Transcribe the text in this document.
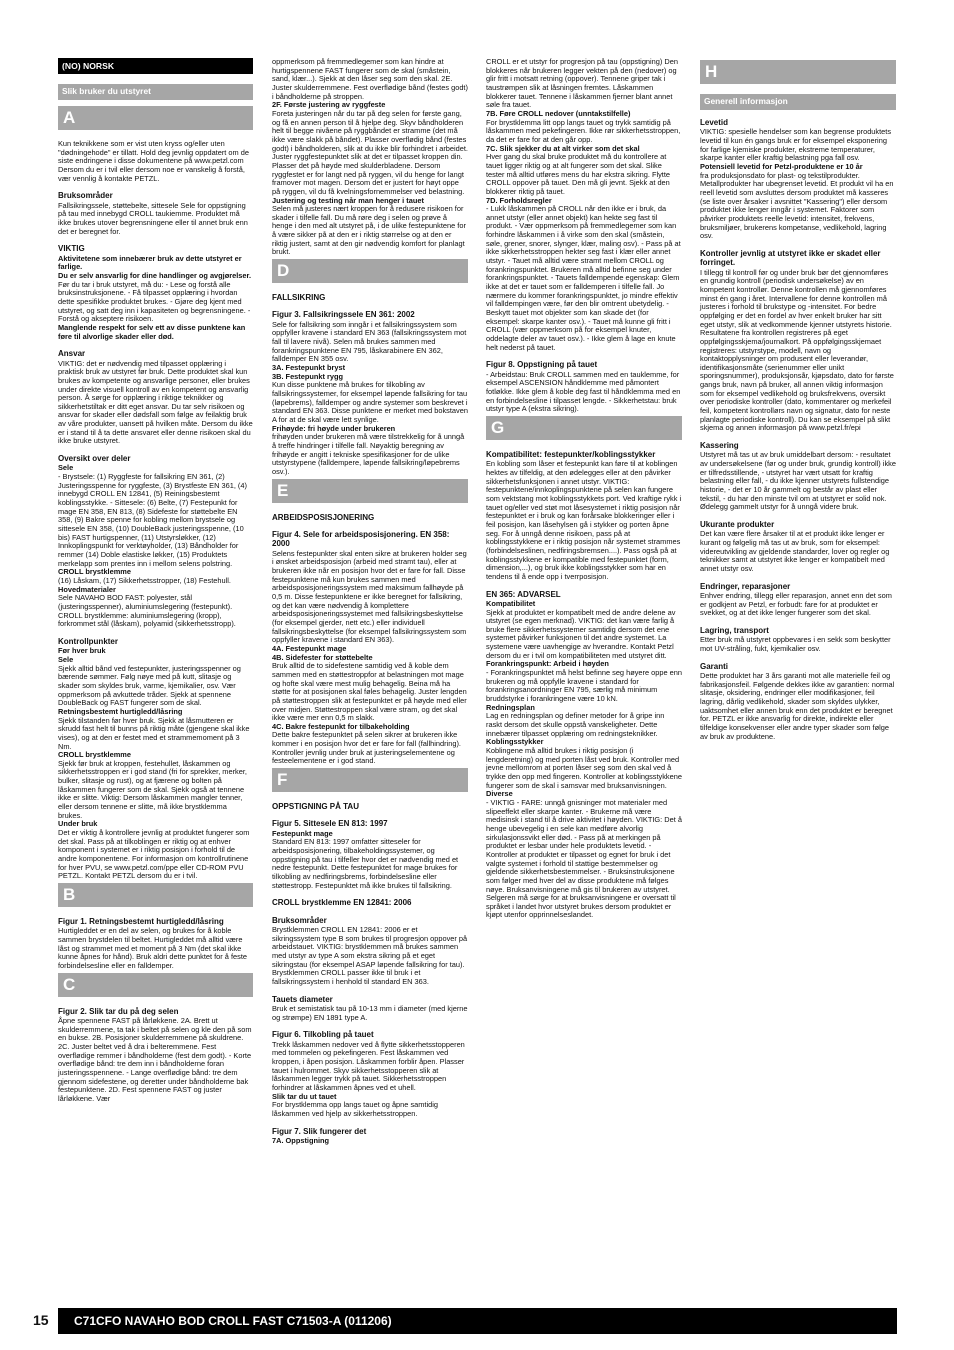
15
(NO) NORSK
Slik bruker du utstyret
A

Kun teknikkene som er vist uten kryss og/eller uten "dødningehode" er tillatt. Hold deg jevnlig oppdatert om de siste endringene i disse dokumentene på www.petzl.com Dersom du er i tvil eller dersom noe er vanskelig å forstå, vær vennlig å kontakte PETZL.

Bruksområder

Fallsikringssele, støttebelte, sittesele Sele for oppstigning på tau med innebygd CROLL taukiemme. Produktet må ikke brukes utover begrensningene eller til annet bruk enn det er beregnet for.

VIKTIG

Aktivitetene som innebærer bruk av dette utstyret er farlige.

Du er selv ansvarlig for dine handlinger og avgjørelser.

Før du tar i bruk utstyret, må du: - Lese og forstå alle bruksinstruksjonene. - Få tilpasset opplæring i hvordan dette spesifikke produktet brukes. - Gjøre deg kjent med utstyret, og satt deg inn i kapasiteten og begrensningene. - Forstå og akseptere risikoen.

Manglende respekt for selv ett av disse punktene kan føre til alvorlige skader eller død.

Ansvar

VIKTIG: det er nødvendig med tilpasset opplæring i praktisk bruk av utstyret før bruk. Dette produktet skal kun brukes av kompetente og ansvarlige personer, eller brukes under direkte visuell kontroll av en kompetent og ansvarlig person. Å sørge for opplæring i riktige teknikker og sikkerhetstiltak er ditt eget ansvar. Du tar selv risikoen og ansvar for skader eller dødsfall som følge av feilaktig bruk av våre produkter, uansett på hvilken måte. Dersom du ikke er i stand til å ta dette ansvaret eller denne risikoen skal du ikke bruke utstyret.

Oversikt over deler

Sele

- Brystsele: (1) Ryggfeste for fallsikring EN 361, (2) Justeringsspenne for ryggfeste, (3) Brystfeste EN 361, (4) innebygd CROLL EN 12841, (5) Reiningsbestemt koblingsstykke. - Sittesele: (6) Belte, (7) Festepunkt for mage EN 358, EN 813, (8) Sidefeste for støttebelte EN 358, (9) Bakre spenne for kobling mellom brystsele og sittesele EN 358, (10) DoubleBack justeringsspenne, (10 bis) FAST hurtigspenner, (11) Utstyrsløkker, (12) Innkoplingspunkt for verktøyholder, (13) Båndholder for remmer (14) Doble elastiske løkker, (15) Produktets merkelapp som prentes inn i mellom selens polstring.

CROLL brystklemme

(16) Låskam, (17) Sikkerhetsstropper, (18) Festehull.

Hovedmaterialer

Sele NAVAHO BOD FAST: polyester, stål (justeringsspenner), aluminiumslegering (festepunkt). CROLL brystklemme: aluminiumslegering (kropp), forkrommet stål (låskam), polyamid (sikkerhetsstropp).

Kontrollpunkter

Før hver bruk

Sele

Sjekk alltid bånd ved festepunkter, justeringsspenner og bærende sømmer. Følg nøye med på kutt, slitasje og skader som skyldes bruk, varme, kjemikalier, osv. Vær oppmerksom på avkuttede tråder. Sjekk at spennene DoubleBack og FAST fungerer som de skal.

Retningsbestemt hurtigledd/låsring

Sjekk tilstanden før hver bruk. Sjekk at låsmutteren er skrudd fast helt til bunns på riktig måte (gjengene skal ikke vises), og at den er festet med et strammemoment på 3 Nm.

CROLL brystklemme

Sjekk før bruk at kroppen, festehullet, låskammen og sikkerhetsstroppen er i god stand (fri for sprekker, merker, bulker, slitasje og rust), og at fjærene og bolten på låskammen fungerer som de skal. Sjekk også at tennene ikke er slitte. Viktig: Dersom låskammen mangler tenner, eller dersom tennene er slitte, må ikke brystklemma brukes.

Under bruk

Det er viktig å kontrollere jevnlig at produktet fungerer som det skal. Pass på at tilkoblingen er riktig og at enhver komponent i systemet er i riktig posisjon i forhold til de andre komponentene. For informasjon om kontrollrutinene for hver PVU, se www.petzl.com/ppe eller CD-ROM PVU PETZL. Kontakt PETZL dersom du er i tvil.

B
Figur 1. Retningsbestemt hurtigledd/låsring

Hurtigleddet er en del av selen, og brukes for å koble sammen brystdelen til beltet. Hurtigleddet må alltid være låst og strammet med et moment på 3 Nm (det skal ikke kunne åpnes for hånd). Bruk aldri dette punktet for å feste forbindelsesline eller en falldemper.

C
Figur 2. Slik tar du på deg selen

Åpne spennene FAST på lårløkkene. 2A. Brett ut skulderremmene, ta tak i beltet på selen og kle den på som en bukse. 2B. Posisjoner skulderremmene på skuldrene. 2C. Juster beltet ved å dra i belteremmene. Fest overflødige remmer i båndholderne (fest dem godt). - Korte overflødige bånd: tre dem inn i båndholderne foran justeringsspennene. - Lange overflødige bånd: tre dem gjennom sidefestene, og deretter under båndholderne bak festepunktene. 2D. Fest spennene FAST og juster lårløkkene. Vær

oppmerksom på fremmedlegemer som kan hindre at hurtigspennene FAST fungerer som de skal (småstein, sand, klær...). Sjekk at den låser seg som den skal. 2E. Juster skulderremmene. Fest overflødige bånd (festes godt) i båndholderne på stroppen.

2F. Første justering av ryggfeste

Foreta justeringen når du tar på deg selen for første gang, og få en annen person til å hjelpe deg. Skyv båndholderen helt til begge nivåene på ryggbåndet er stramme (det må ikke være slakk på båndet). Plasser overflødig bånd (festes godt) i båndholderen, slik at du ikke blir forhindret i arbeidet. Juster ryggfestepunktet slik at det er tilpasset kroppen din. Plasser det på høyde med skulderbladene. Dersom ryggfestet er for langt ned på ryggen, vil du henge for langt framover mot magen. Dersom det er justert for høyt oppe på ryggen, vil du få kvelningsfornemmelser ved belastning.

Justering og testing når man henger i tauet

Selen må justeres nært kroppen for å redusere risikoen for skader i tilfelle fall. Du må røre deg i selen og prøve å henge i den med alt utstyret på, i de ulike festepunktene for å være sikker på at den er i riktig størrelse og at den er riktig justert, samt at den gir nødvendig komfort for planlagt brukt.

D
FALLSIKRING
Figur 3. Fallsikringssele EN 361: 2002

Sele for fallsikring som inngår i et fallsikringssystem som oppfyller kravene i standard EN 363 (fallsikringssystem mot fall til lavere nivå). Selen må brukes sammen med forankringspunktene EN 795, låskarabinere EN 362, falldemper EN 355 osv.

3A. Festepunkt bryst

3B. Festepunkt rygg

Kun disse punktene må brukes for tilkobling av fallsikringssystemer, for eksempel løpende fallsikring for tau (løpebrems), falldemper og andre systemer som beskrevet i standard EN 363. Disse punktene er merket med bokstaven A for at de skal være lett synlige.

Frihøyde: fri høyde under brukeren

frihøyden under brukeren må være tilstrekkelig for å unngå å treffe hindringer i tilfelle fall. Nøyaktig beregning av frihøyde er angitt i tekniske spesifikasjoner for de ulike utstyrstypene (falldempere, løpende fallsikring/løpebrems osv.).

E
ARBEIDSPOSISJONERING
Figur 4. Sele for arbeidsposisjonering. EN 358: 2000

Selens festepunkter skal enten sikre at brukeren holder seg i ønsket arbeidsposisjon (arbeid med stramt tau), eller at brukeren ikke når en posisjon hvor det er fare for fall. Disse festepunktene må kun brukes sammen med arbeidsposisjoneringssystem med maksimum fallhøyde på 0,5 m. Disse festepunktene er ikke beregnet for fallsikring, og det kan være nødvendig å komplettere arbeidsposisjoneringssystemet med fallsikringsbeskyttelse (for eksempel gjerder, nett etc.) eller individuell fallsikringsbeskyttelse (for eksempel fallsikringssystem som oppfyller kravene i standard EN 363).

4A. Festepunkt mage

4B. Sidefester for støttebelte

Bruk alltid de to sidefestene samtidig ved å koble dem sammen med en støttestroppfor at belastningen mot mage og hofte skal være mest mulig behagelig. Beina må ha støtte for at posisjonen skal føles behagelig. Juster lengden på støttestroppen slik at festepunktet er på høyde med eller over midjen. Støttestroppen skal være stram, og det skal ikke være mer enn 0,5 m slakk.

4C. Bakre festepunkt for tilbakeholding

Dette bakre festepunktet på selen sikrer at brukeren ikke kommer i en posisjon hvor det er fare for fall (fallhindring). Kontroller jevnlig under bruk at justeringselementene og festeelementene er i god stand.

F
OPPSTIGNING PÅ TAU
Figur 5. Sittesele EN 813: 1997

Festepunkt mage

Standard EN 813: 1997 omfatter sitteseler for arbeidsposisjonering, tilbakeholdingssystemer, og oppstigning på tau i tilfeller hvor det er nødvendig med et nedre festepunkt. Dette festepunktet for mage brukes for tilkobling av nedfiringsbrems, forbindelsesline eller støttestropp. Festepunktet må ikke brukes til fallsikring.

CROLL brystklemme EN 12841: 2006
Bruksområder

Brystklemmen CROLL EN 12841: 2006 er et sikringssystem type B som brukes til progresjon oppover på arbeidstauet. VIKTIG: brystklemmen må brukes sammen med utstyr av type A som ekstra sikring på et eget sikringstau (for eksempel ASAP løpende fallsikring for tau). Brystklemmen CROLL passer ikke til bruk i et fallsikringssystem i henhold til standard EN 363.

Tauets diameter

Bruk et semistatisk tau på 10-13 mm i diameter (med kjerne og strømpe) EN 1891 type A.

Figur 6. Tilkobling på tauet

Trekk låskammen nedover ved å flytte sikkerhetsstopperen med tommelen og pekefingeren. Fest låskammen ved kroppen, i åpen posisjon. Låskammen forblir åpen. Plasser tauet i hulrommet. Skyv sikkerhetsstopperen slik at låskammen legger trykk på tauet. Sikkerhetsstroppen forhindrer at låskammen åpnes ved et uhell.

Slik tar du ut tauet

For brystklemma opp langs tauet og åpne samtidig låskammen ved hjelp av sikkerhetsstroppen.

Figur 7. Slik fungerer det

7A. Oppstigning

CROLL er et utstyr for progresjon på tau (oppstigning) Den blokkeres når brukeren legger vekten på den (nedover) og glir fritt i motsatt retning (oppover). Tennene griper tak i taustrømpen slik at låsningen fremtes. Låskammen blokkerer tauet. Tennene i låskammen fjerner blant annet søle fra tauet.

7B. Føre CROLL nedover (unntakstilfelle)

For brystklemma litt opp langs tauet og trykk samtidig på låskammen med pekefingeren. Ikke rør sikkerhetsstroppen, da det er fare for at den går opp.

7C. Slik sjekker du at alt virker som det skal

Hver gang du skal bruke produktet må du kontrollere at tauet ligger riktig og at alt fungerer som det skal. Slike tester må alltid utføres mens du har ekstra sikring. Flytte CROLL oppover på tauet. Den må gli jevnt. Sjekk at den blokkerer riktig på tauet.

7D. Forholdsregler

- Lukk låskammen på CROLL når den ikke er i bruk, da annet utstyr (eller annet objekt) kan hekte seg fast til produkt. - Vær oppmerksom på fremmedlegemer som kan forhindre låskammen i å virke som den skal (småstein, søle, grener, snorer, slynger, klær, maling osv). - Pass på at ikke sikkerhetsstroppen hekter seg fast i klær eller annet utstyr. - Tauet må alltid være stramt mellom CROLL og forankringspunktet. Brukeren må alltid befinne seg under forankringspunktet. - Tauets falldempende egenskap: Glem ikke at det er tauet som er falldemperen i tilfelle fall. Jo nærmere du kommer forankringspunktet, jo mindre effektiv vil falldempingen være, før den blir omtrent ubetydelig. - Beskytt tauet mot objekter som kan skade det (for eksempel: skarpe kanter osv.). - Tauet må kunne gli fritt i CROLL (vær oppmerksom på for eksempel knuter, oddelagte deler av tauet osv.). - Ikke glem å lage en knute helt nederst på tauet.

Figur 8. Oppstigning på tauet

- Arbeidstau: Bruk CROLL sammen med en tauklemme, for eksempel ASCENSION håndklemme med påmontert fotløkke. Ikke glem å koble deg fast til håndklemma med en en forbindelsesline i tilpasset lengde. - Sikkerhetstau: bruk utstyr type A (ekstra sikring).

G
Kompatibilitet: festepunkter/koblingsstykker

En kobling som låser et festepunkt kan føre til at koblingen hektes av tilfeldig, at den ødelegges eller at den påvirker sikkerhetsfunksjonen i annet utstyr. VIKTIG: festepunktene/innkoplingspunktene på selen kan fungere som vektstang mot koblingsstykkets port. Ved kraftige rykk i tauet og/eller ved støt mot låsesystemet i riktig posisjon når festepunktet er i bruk og kan forårsake blokkeringer eller i feil posisjon, kan låsehylsen gå i stykker og porten åpne seg. For å unngå denne risikoen, pass på at koblingsstykkene er i riktig posisjon når systemet strammes (forbindelseslinen, nedfiringsbremsen....). Pass også på at koblingsstykkene er kompatible med festepunktet (form, dimension,...), og bruk ikke koblingsstykker som har en tendens til å ende opp i tverrposisjon.

EN 365: ADVARSEL

Kompatibilitet

Sjekk at produktet er kompatibelt med de andre delene av utstyret (se egen merknad). VIKTIG: det kan være farlig å bruke flere sikkerhetssystemer samtidig dersom det ene systemet påvirker funksjonen til det andre systemet. La systemene være uavhengige av hverandre. Kontakt Petzl dersom du er i tvil om kompatibiliteten med utstyret ditt.

Forankringspunkt: Arbeid i høyden

- Forankringspunktet må helst befinne seg høyere oppe enn brukeren og må oppfylle kravene i standard for forankringsanordninger EN 795, særlig må minimum bruddstyrke i forankringene være 10 kN.

Redningsplan

Lag en redningsplan og definer metoder for å gripe inn raskt dersom det skulle oppstå vanskeligheter. Dette innebærer tilpasset opplæring om redningsteknikker.

Koblingsstykker

Koblingene må alltid brukes i riktig posisjon (i lengderetning) og med porten låst ved bruk. Kontroller med jevne mellomrom at porten låser seg som den skal ved å trykke den opp med fingeren. Kontroller at koblingsstykkene fungerer som de skal i samsvar med bruksanvisningen.

Diverse

- VIKTIG - FARE: unngå gnisninger mot materialer med slipeeffekt eller skarpe kanter. - Brukerne må være medisinsk i stand til å drive aktivitet i høyden. VIKTIG: Det å henge ubevegelig i en sele kan medføre alvorlig sirkulasjonssvikt eller død. - Pass på at merkingen på produktet er lesbar under hele produktets levetid. - Kontroller at produktet er tilpasset og egnet for bruk i det valgte systemet i forhold til stattige bestemmelser og gjeldende sikkerhetsbestemmelser. - Bruksinstruksjonene som følger med hver del av disse produktene må følges nøye. Bruksanvisningene må gis til brukeren av utstyret. Selgeren må sørge for at bruksanvisningene er oversatt til språket i landet hvor utstyret brukes dersom produktet er kjøpt utenfor opprinnelseslandet.

H
Generell informasjon
Levetid

VIKTIG: spesielle hendelser som kan begrense produktets levetid til kun én gangs bruk er for eksempel eksponering for farlige kjemiske produkter, ekstreme temperaturer, skarpe kanter eller kraftig belastning pga fall osv.

Potensiell levetid for Petzl-produktene er 10 år

fra produksjonsdato for plast- og tekstilprodukter. Metallprodukter har ubegrenset levetid. Et produkt vil ha en reell levetid som avsluttes dersom produktet må kasseres (se liste over årsaker i avsnittet "Kassering") eller dersom produktet ikke lenger inngår i systemet. Faktorer som påvirker produktets reelle levetid: intensitet, frekvens, bruksmiljøer, brukerens kompetanse, vedlikehold, lagring osv.

Kontroller jevnlig at utstyret ikke er skadet eller forringet.

I tillegg til kontroll før og under bruk bør det gjennomføres en grundig kontroll (periodisk undersøkelse) av en kompetent kontrollør. Denne kontrollen må gjennomføres minst én gang i året. Intervallene for denne kontrollen må justeres i forhold til brukstype og -intensitet. For bedre oppfølging er det en fordel av hver enkelt bruker har sitt eget utstyr, slik at vedkommende kjenner utstyrets historie. Resultatene fra kontrollen registreres på eget oppfølgingsskjema/journalkort. På oppfølgingsskjemaet registreres: utstyrstype, modell, navn og kontaktopplysninger om produsent eller leverandør, identifikasjonsmåte (serienummer eller unikt sporingsnummer), produksjonsår, kjøpsdato, dato for første gangs bruk, navn på bruker, all annen viktig informasjon som for eksempel vedlikehold og bruksfrekvens, oversikt over periodiske kontroller (dato, kommentarer og merkefeil feil, kompetent kontrollørs navn og signatur, dato for neste planlagte periodiske kontroll). Du kan se eksempel på slikt skjema og annen informasjon på www.petzl.fr/epi

Kassering

Utstyret må tas ut av bruk umiddelbart dersom: - resultatet av undersøkelsene (før og under bruk, grundig kontroll) ikke er tilfredsstillende, - utstyret har vært utsatt for kraftig belastning eller fall, - du ikke kjenner utstyrets fullstendige historie, - det er 10 år gammelt og består av plast eller tekstil, - du har den minste tvil om at utstyret er solid nok. Ødelegg gammelt utstyr for å unngå videre bruk.

Ukurante produkter

Det kan være flere årsaker til at et produkt ikke lenger er kurant og følgelig må tas ut av bruk, som for eksempel: videreutvikling av gjeldende standarder, lover og regler og teknikker samt at utstyret ikke lenger er kompatibelt med annet utstyr osv.

Endringer, reparasjoner

Enhver endring, tillegg eller reparasjon, annet enn det som er godkjent av Petzl, er forbudt: fare for at produktet er svekket, og at det ikke lenger fungerer som det skal.

Lagring, transport

Etter bruk må utstyret oppbevares i en sekk som beskytter mot UV-stråling, fukt, kjemikalier osv.

Garanti

Dette produktet har 3 års garanti mot alle materielle feil og fabrikasjonsfeil. Følgende dekkes ikke av garantien: normal slitasje, oksidering, endringer eller modifikasjoner, feil lagring, dårlig vedlikehold, skader som skyldes ulykker, uaktsomhet eller annen bruk enn det produktet er beregnet for. PETZL er ikke ansvarlig for direkte, indirekte eller tilfeldige konsekvenser eller andre typer skader som følge av bruk av produktene.

C71CFO NAVAHO BOD CROLL FAST C71503-A (011206)
